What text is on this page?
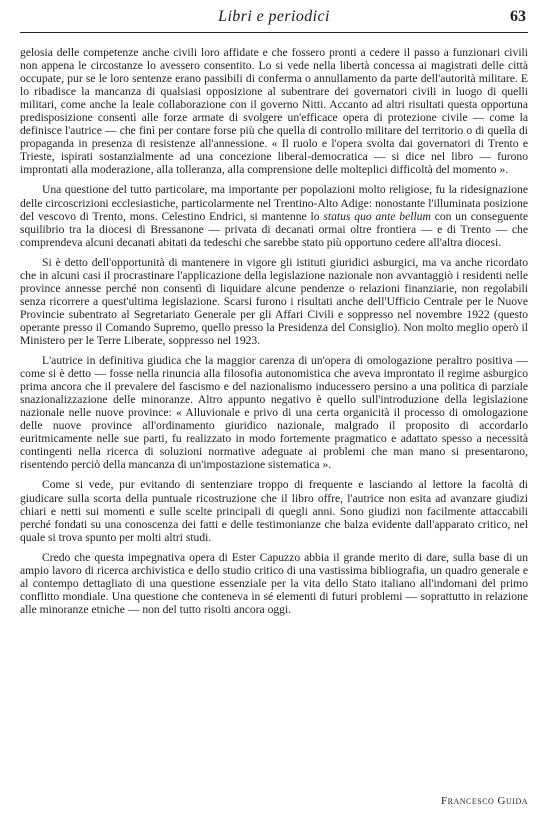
Libri e periodici	63

gelosia delle competenze anche civili loro affidate e che fossero pronti a cedere il passo a funzionari civili non appena le circostanze lo avessero consentito. Lo si vede nella libertà concessa ai magistrati delle città occupate, pur se le loro sentenze erano passibili di conferma o annullamento da parte dell'autorità militare. E lo ribadisce la mancanza di qualsiasi opposizione al subentrare dei governatori civili in luogo di quelli militari, come anche la leale collaborazione con il governo Nitti. Accanto ad altri risultati questa opportuna predisposizione consentì alle forze armate di svolgere un'efficace opera di protezione civile — come la definisce l'autrice — che finì per contare forse più che quella di controllo militare del territorio o di quella di propaganda in presenza di resistenze all'annessione. « Il ruolo e l'opera svolta dai governatori di Trento e Trieste, ispirati sostanzialmente ad una concezione liberal-democratica — si dice nel libro — furono improntati alla moderazione, alla tolleranza, alla comprensione delle molteplici difficoltà del momento ».

Una questione del tutto particolare, ma importante per popolazioni molto religiose, fu la ridesignazione delle circoscrizioni ecclesiastiche, particolarmente nel Trentino-Alto Adige: nonostante l'illuminata posizione del vescovo di Trento, mons. Celestino Endrici, si mantenne lo status quo ante bellum con un conseguente squilibrio tra la diocesi di Bressanone — privata di decanati ormai oltre frontiera — e di Trento — che comprendeva alcuni decanati abitati da tedeschi che sarebbe stato più opportuno cedere all'altra diocesi.

Si è detto dell'opportunità di mantenere in vigore gli istituti giuridici asburgici, ma va anche ricordato che in alcuni casi il procrastinare l'applicazione della legislazione nazionale non avvantaggiò i residenti nelle province annesse perché non consentì di liquidare alcune pendenze o relazioni finanziarie, non regolabili senza ricorrere a quest'ultima legislazione. Scarsi furono i risultati anche dell'Ufficio Centrale per le Nuove Provincie subentrato al Segretariato Generale per gli Affari Civili e soppresso nel novembre 1922 (questo operante presso il Comando Supremo, quello presso la Presidenza del Consiglio). Non molto meglio operò il Ministero per le Terre Liberate, soppresso nel 1923.

L'autrice in definitiva giudica che la maggior carenza di un'opera di omologazione peraltro positiva — come si è detto — fosse nella rinuncia alla filosofia autonomistica che aveva improntato il regime asburgico prima ancora che il prevalere del fascismo e del nazionalismo inducessero persino a una politica di parziale snazionalizzazione delle minoranze. Altro appunto negativo è quello sull'introduzione della legislazione nazionale nelle nuove province: « Alluvionale e privo di una certa organicità il processo di omologazione delle nuove province all'ordinamento giuridico nazionale, malgrado il proposito di accordarlo euritmicamente nelle sue parti, fu realizzato in modo fortemente pragmatico e adattato spesso a necessità contingenti nella ricerca di soluzioni normative adeguate ai problemi che man mano si presentarono, risentendo perciò della mancanza di un'impostazione sistematica ».

Come si vede, pur evitando di sentenziare troppo di frequente e lasciando al lettore la facoltà di giudicare sulla scorta della puntuale ricostruzione che il libro offre, l'autrice non esita ad avanzare giudizi chiari e netti sui momenti e sulle scelte principali di quegli anni. Sono giudizi non facilmente attaccabili perché fondati su una conoscenza dei fatti e delle testimonianze che balza evidente dall'apparato critico, nel quale si trova spunto per molti altri studi.

Credo che questa impegnativa opera di Ester Capuzzo abbia il grande merito di dare, sulla base di un ampio lavoro di ricerca archivistica e dello studio critico di una vastissima bibliografia, un quadro generale e al contempo dettagliato di una questione essenziale per la vita dello Stato italiano all'indomani del primo conflitto mondiale. Una questione che conteneva in sé elementi di futuri problemi — soprattutto in relazione alle minoranze etniche — non del tutto risolti ancora oggi.

Francesco Guida
